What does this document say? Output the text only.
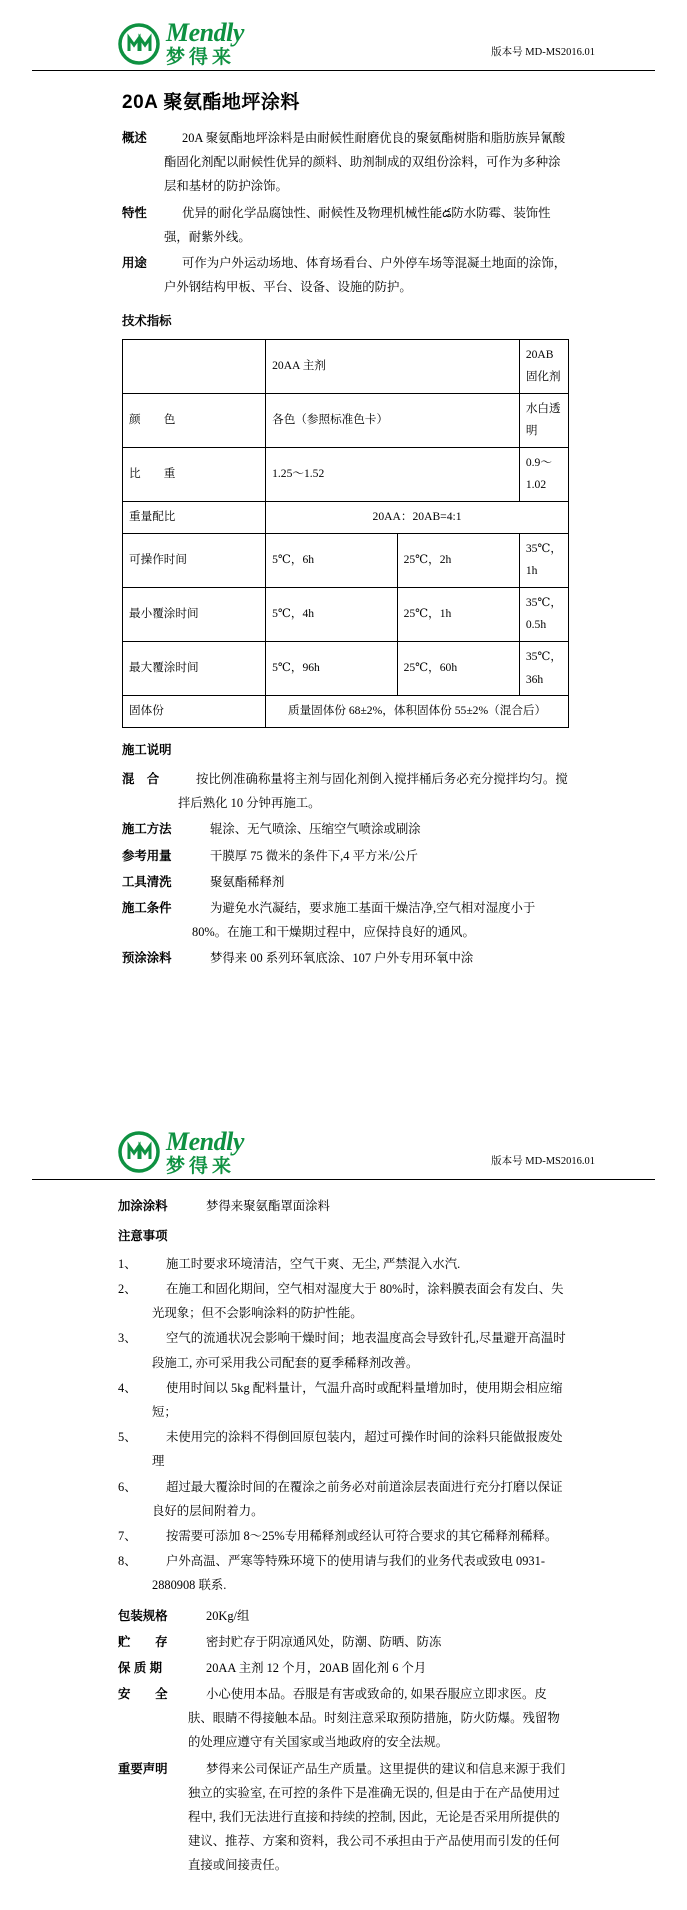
Mendly
梦得来	版本号 MD-MS2016.01
20A 聚氨酯地坪涂料
概述	20A 聚氨酯地坪涂料是由耐候性耐磨优良的聚氨酯树脂和脂肪族异氰酸酯固化剂配以耐候性优异的颜料、助剂制成的双组份涂料，可作为多种涂层和基材的防护涂饰。
特性	优异的耐化学品腐蚀性、耐候性及物理机械性能డ防水防霉、装饰性强，耐紫外线。
用途	可作为户外运动场地、体育场看台、户外停车场等混凝土地面的涂饰，户外钢结构甲板、平台、设备、设施的防护。
技术指标
	20AA 主剂		20AB 固化剂
颜　　色	各色（参照标准色卡）		水白透明
比　　重	1.25～1.52		0.9～1.02
重量配比	20AA：20AB=4:1		
可操作时间	5℃，6h	25℃，2h	35℃，1h
最小覆涂时间	5℃，4h	25℃，1h	35℃，0.5h
最大覆涂时间	5℃，96h	25℃，60h	35℃，36h
固体份	质量固体份 68±2%，体积固体份 55±2%（混合后）		
施工说明
混　合	按比例准确称量将主剂与固化剂倒入搅拌桶后务必充分搅拌均匀。搅拌后熟化 10 分钟再施工。
施工方法	辊涂、无气喷涂、压缩空气喷涂或刷涂
参考用量	干膜厚 75 微米的条件下,4 平方米/公斤
工具清洗	聚氨酯稀释剂
施工条件	为避免水汽凝结，要求施工基面干燥洁净,空气相对湿度小于 80%。在施工和干燥期过程中，应保持良好的通风。
预涂涂料	梦得来 00 系列环氧底涂、107 户外专用环氧中涂
Mendly
梦得来	版本号 MD-MS2016.01
加涂涂料	梦得来聚氨酯罩面涂料
注意事项
1、	施工时要求环境清洁，空气干爽、无尘, 严禁混入水汽.
2、	在施工和固化期间，空气相对湿度大于 80%时，涂料膜表面会有发白、失光现象；但不会影响涂料的防护性能。
3、	空气的流通状况会影响干燥时间；地表温度高会导致针孔,尽量避开高温时段施工, 亦可采用我公司配套的夏季稀释剂改善。
4、	使用时间以 5kg 配料量计，气温升高时或配料量增加时，使用期会相应缩短；
5、	未使用完的涂料不得倒回原包装内，超过可操作时间的涂料只能做报废处理
6、	超过最大覆涂时间的在覆涂之前务必对前道涂层表面进行充分打磨以保证良好的层间附着力。
7、	按需要可添加 8～25%专用稀释剂或经认可符合要求的其它稀释剂稀释。
8、	户外高温、严寒等特殊环境下的使用请与我们的业务代表或致电 0931-2880908 联系.
包装规格	20Kg/组
贮　　存	密封贮存于阴凉通风处，防潮、防晒、防冻
保 质 期	20AA 主剂 12 个月，20AB 固化剂 6 个月
安　　全	小心使用本品。吞服是有害或致命的, 如果吞服应立即求医。皮肤、眼睛不得接触本品。时刻注意采取预防措施，防火防爆。残留物的处理应遵守有关国家或当地政府的安全法规。
重要声明	梦得来公司保证产品生产质量。这里提供的建议和信息来源于我们独立的实验室, 在可控的条件下是准确无误的, 但是由于在产品使用过程中, 我们无法进行直接和持续的控制, 因此，无论是否采用所提供的建议、推荐、方案和资料，我公司不承担由于产品使用而引发的任何直接或间接责任。
